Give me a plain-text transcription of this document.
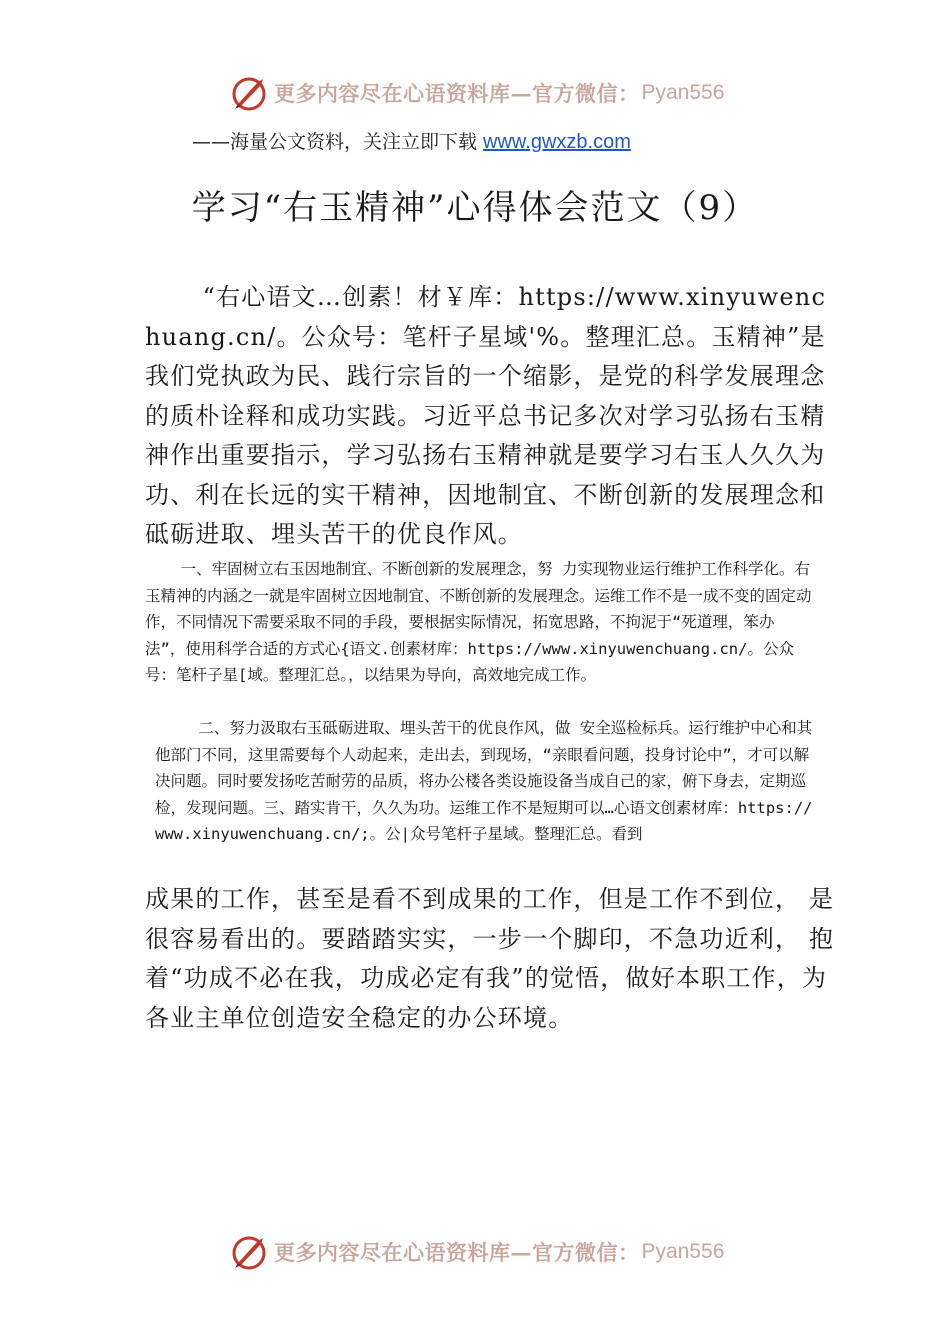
更多内容尽在心语资料库—官方微信： Pyan556
——海量公文资料，关注立即下载 www.gwxzb.com
学习“右玉精神”心得体会范文（9）

“右心语文…创素！材￥库：https://www.xinyuwenchuang.cn/。公众号：笔杆子星域'%。整理汇总。玉精神”是我们党执政为民、践行宗旨的一个缩影，是党的科学发展理念的质朴诠释和成功实践。习近平总书记多次对学习弘扬右玉精神作出重要指示，学习弘扬右玉精神就是要学习右玉人久久为功、利在长远的实干精神，因地制宜、不断创新的发展理念和砥砺进取、埋头苦干的优良作风。

一、牢固树立右玉因地制宜、不断创新的发展理念，努 力实现物业运行维护工作科学化。右玉精神的内涵之一就是牢固树立因地制宜、不断创新的发展理念。运维工作不是一成不变的固定动作，不同情况下需要采取不同的手段，要根据实际情况，拓宽思路，不拘泥于“死道理，笨办法”，使用科学合适的方式心{语文.创素材库：https://www.xinyuwenchuang.cn/。公众号：笔杆子星[域。整理汇总。，以结果为导向，高效地完成工作。

二、努力汲取右玉砥砺进取、埋头苦干的优良作风，做 安全巡检标兵。运行维护中心和其他部门不同，这里需要每个人动起来，走出去，到现场，“亲眼看问题，投身讨论中”，才可以解决问题。同时要发扬吃苦耐劳的品质，将办公楼各类设施设备当成自己的家，俯下身去，定期巡检，发现问题。三、踏实肯干，久久为功。运维工作不是短期可以…心语文创素材库：https://www.xinyuwenchuang.cn/;。公|众号笔杆子星域。整理汇总。看到

成果的工作，甚至是看不到成果的工作，但是工作不到位， 是很容易看出的。要踏踏实实，一步一个脚印，不急功近利， 抱着“功成不必在我，功成必定有我”的觉悟，做好本职工作，为各业主单位创造安全稳定的办公环境。

更多内容尽在心语资料库—官方微信： Pyan556
